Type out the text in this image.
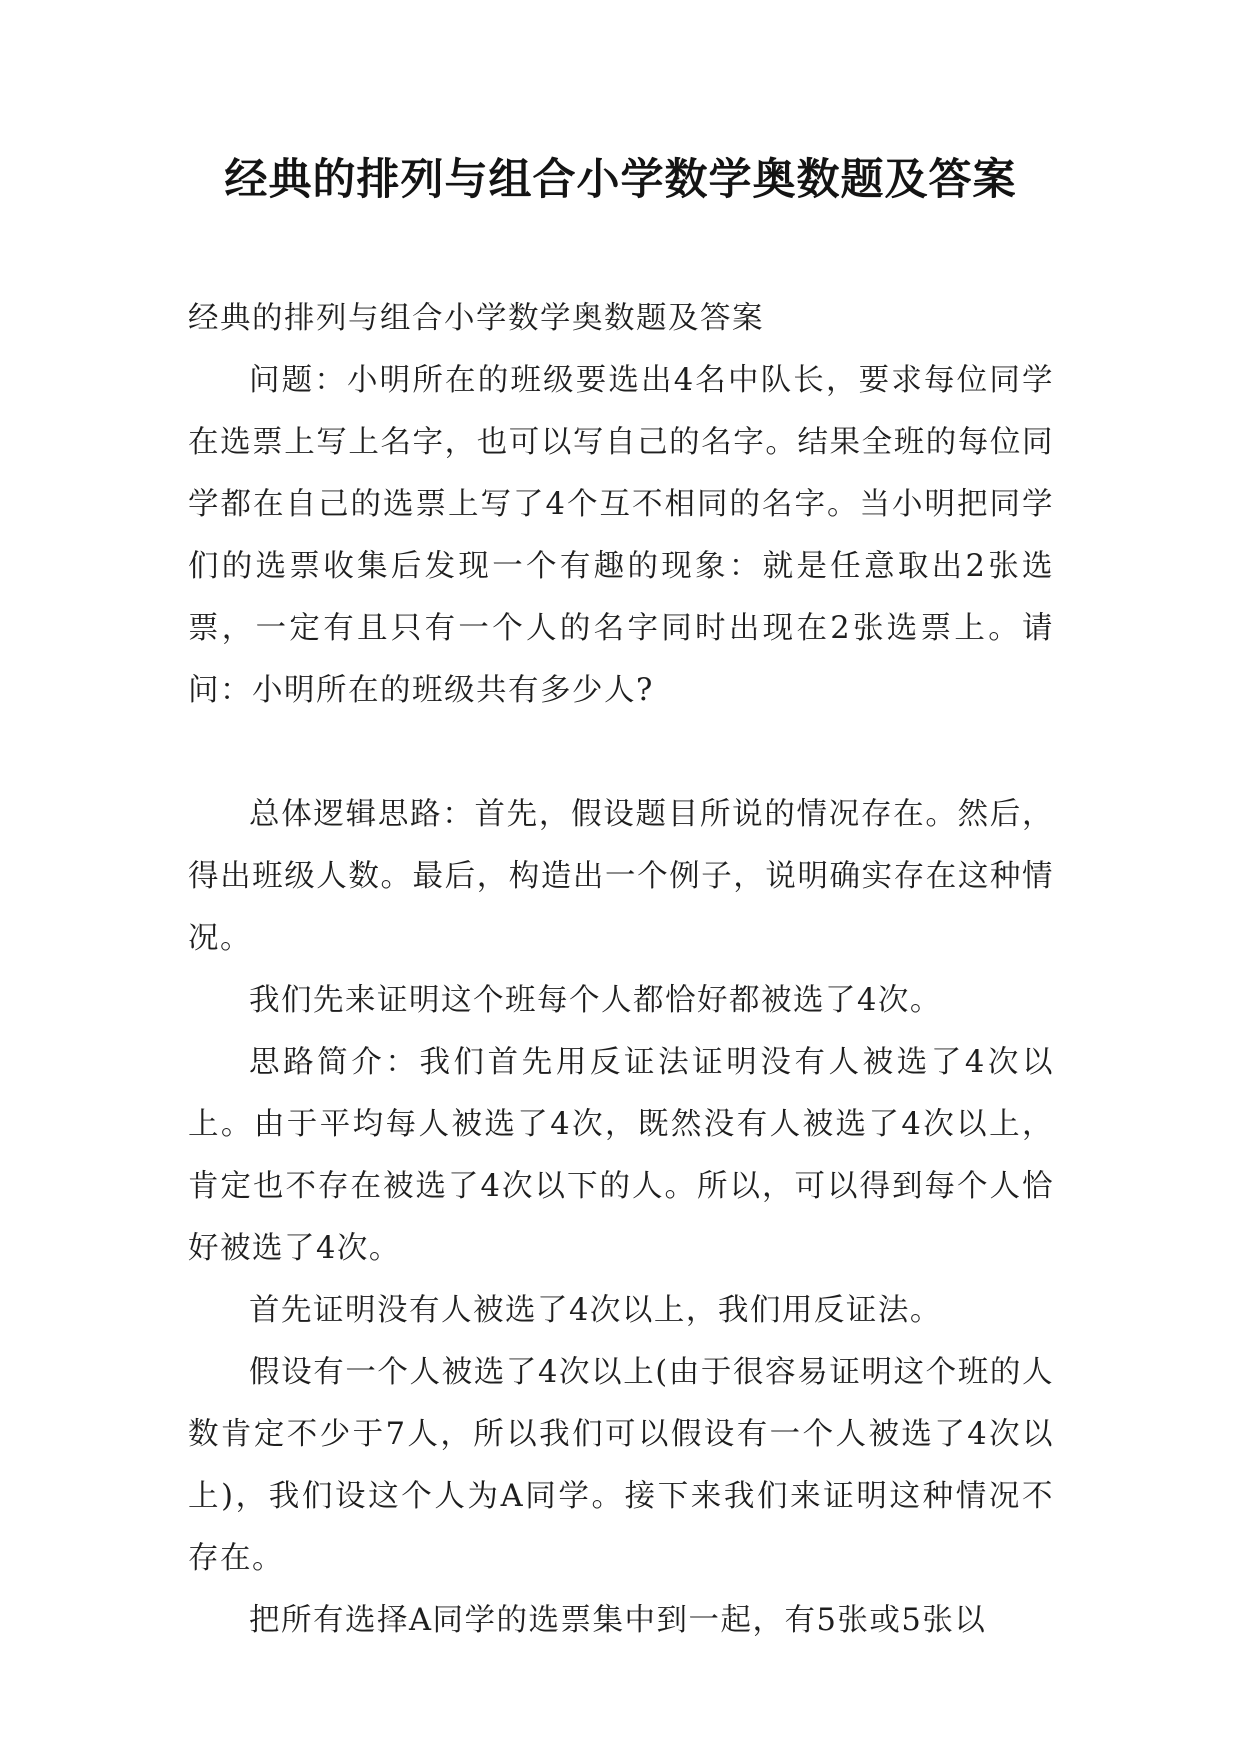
经典的排列与组合小学数学奥数题及答案

经典的排列与组合小学数学奥数题及答案

问题：小明所在的班级要选出4名中队长，要求每位同学在选票上写上名字，也可以写自己的名字。结果全班的每位同学都在自己的选票上写了4个互不相同的名字。当小明把同学们的选票收集后发现一个有趣的现象：就是任意取出2张选票，一定有且只有一个人的名字同时出现在2张选票上。请问：小明所在的班级共有多少人?

总体逻辑思路：首先，假设题目所说的情况存在。然后，得出班级人数。最后，构造出一个例子，说明确实存在这种情况。

我们先来证明这个班每个人都恰好都被选了4次。

思路简介：我们首先用反证法证明没有人被选了4次以上。由于平均每人被选了4次，既然没有人被选了4次以上，肯定也不存在被选了4次以下的人。所以，可以得到每个人恰好被选了4次。

首先证明没有人被选了4次以上，我们用反证法。

假设有一个人被选了4次以上(由于很容易证明这个班的人数肯定不少于7人，所以我们可以假设有一个人被选了4次以上)，我们设这个人为A同学。接下来我们来证明这种情况不存在。

把所有选择A同学的选票集中到一起，有5张或5张以
